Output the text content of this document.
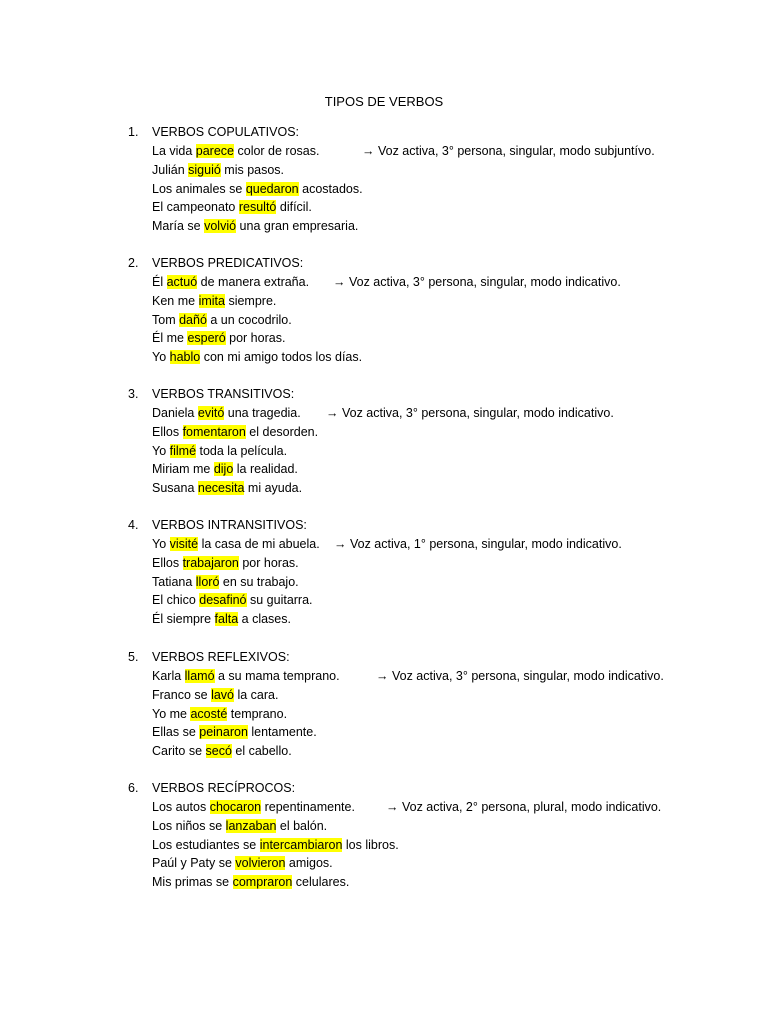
TIPOS DE VERBOS
1. VERBOS COPULATIVOS:
La vida parece color de rosas.	→ Voz activa, 3° persona, singular, modo subjuntívo.
Julián siguió mis pasos.
Los animales se quedaron acostados.
El campeonato resultó difícil.
María se volvió una gran empresaria.
2. VERBOS PREDICATIVOS:
Él actuó de manera extraña. → Voz activa, 3° persona, singular, modo indicativo.
Ken me imita siempre.
Tom dañó a un cocodrilo.
Él me esperó por horas.
Yo hablo con mi amigo todos los días.
3. VERBOS TRANSITIVOS:
Daniela evitó una tragedia. → Voz activa, 3° persona, singular, modo indicativo.
Ellos fomentaron el desorden.
Yo filmé toda la película.
Miriam me dijo la realidad.
Susana necesita mi ayuda.
4. VERBOS INTRANSITIVOS:
Yo visité la casa de mi abuela. → Voz activa, 1° persona, singular, modo indicativo.
Ellos trabajaron por horas.
Tatiana lloró en su trabajo.
El chico desafinó su guitarra.
Él siempre falta a clases.
5. VERBOS REFLEXIVOS:
Karla llamó a su mama temprano.	→ Voz activa, 3° persona, singular, modo indicativo.
Franco se lavó la cara.
Yo me acosté temprano.
Ellas se peinaron lentamente.
Carito se secó el cabello.
6. VERBOS RECÍPROCOS:
Los autos chocaron repentinamente. → Voz activa, 2° persona, plural, modo indicativo.
Los niños se lanzaban el balón.
Los estudiantes se intercambiaron los libros.
Paúl y Paty se volvieron amigos.
Mis primas se compraron celulares.
